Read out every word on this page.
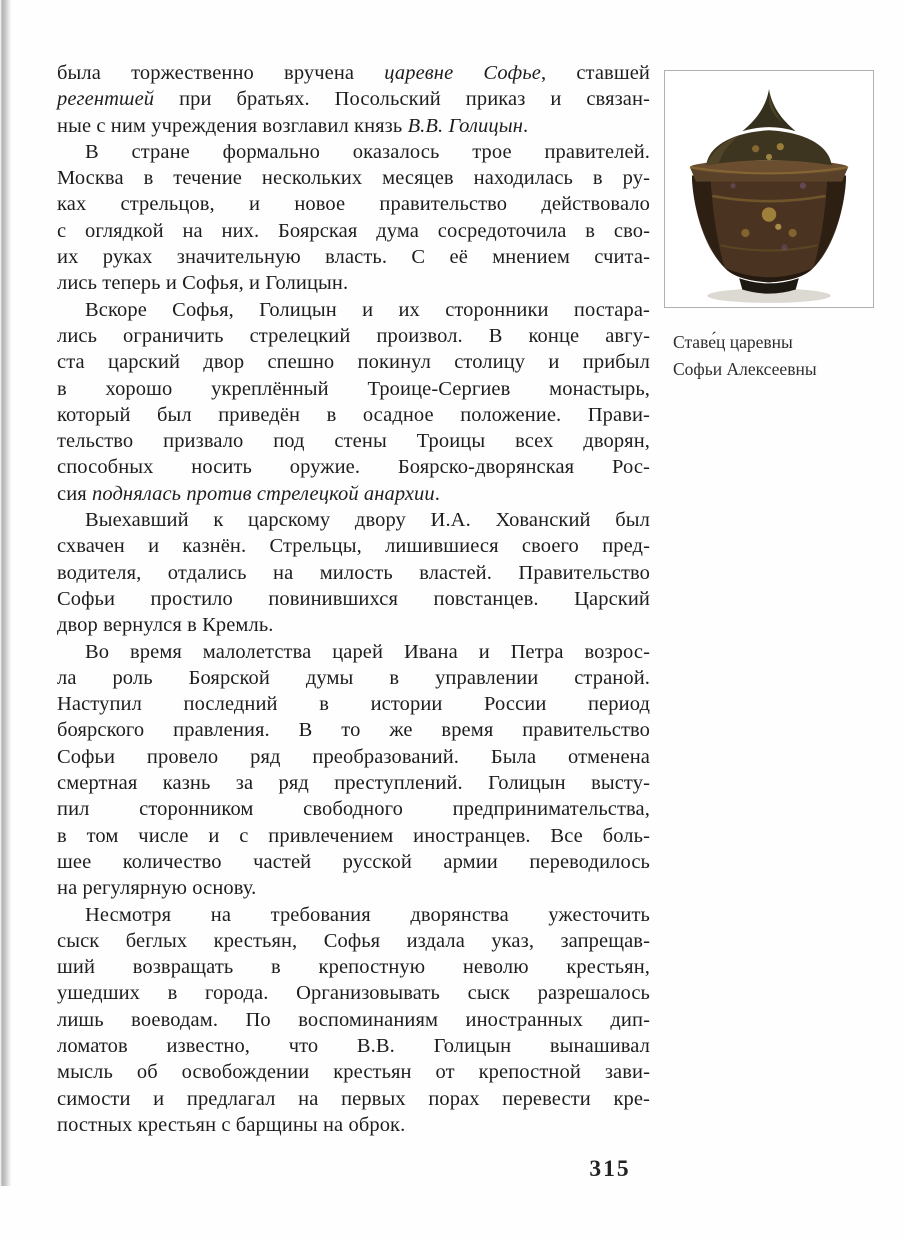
была торжественно вручена царевне Софье, ставшей
регентшей при братьях. Посольский приказ и связан-
ные с ним учреждения возглавил князь В.В. Голицын.
В стране формально оказалось трое правителей.
Москва в течение нескольких месяцев находилась в ру-
ках стрельцов, и новое правительство действовало
с оглядкой на них. Боярская дума сосредоточила в сво-
их руках значительную власть. С её мнением счита-
лись теперь и Софья, и Голицын.
Вскоре Софья, Голицын и их сторонники постара-
лись ограничить стрелецкий произвол. В конце авгу-
ста царский двор спешно покинул столицу и прибыл
в хорошо укреплённый Троице-Сергиев монастырь,
который был приведён в осадное положение. Прави-
тельство призвало под стены Троицы всех дворян,
способных носить оружие. Боярско-дворянская Рос-
сия поднялась против стрелецкой анархии.
Выехавший к царскому двору И.А. Хованский был
схвачен и казнён. Стрельцы, лишившиеся своего пред-
водителя, отдались на милость властей. Правительство
Софьи простило повинившихся повстанцев. Царский
двор вернулся в Кремль.
Во время малолетства царей Ивана и Петра возрос-
ла роль Боярской думы в управлении страной.
Наступил последний в истории России период
боярского правления. В то же время правительство
Софьи провело ряд преобразований. Была отменена
смертная казнь за ряд преступлений. Голицын высту-
пил сторонником свободного предпринимательства,
в том числе и с привлечением иностранцев. Все боль-
шее количество частей русской армии переводилось
на регулярную основу.
Несмотря на требования дворянства ужесточить
сыск беглых крестьян, Софья издала указ, запрещав-
ший возвращать в крепостную неволю крестьян,
ушедших в города. Организовывать сыск разрешалось
лишь воеводам. По воспоминаниям иностранных дип-
ломатов известно, что В.В. Голицын вынашивал
мысль об освобождении крестьян от крепостной зави-
симости и предлагал на первых порах перевести кре-
постных крестьян с барщины на оброк.
Ставе́ц царевны
Софьи Алексеевны
315
